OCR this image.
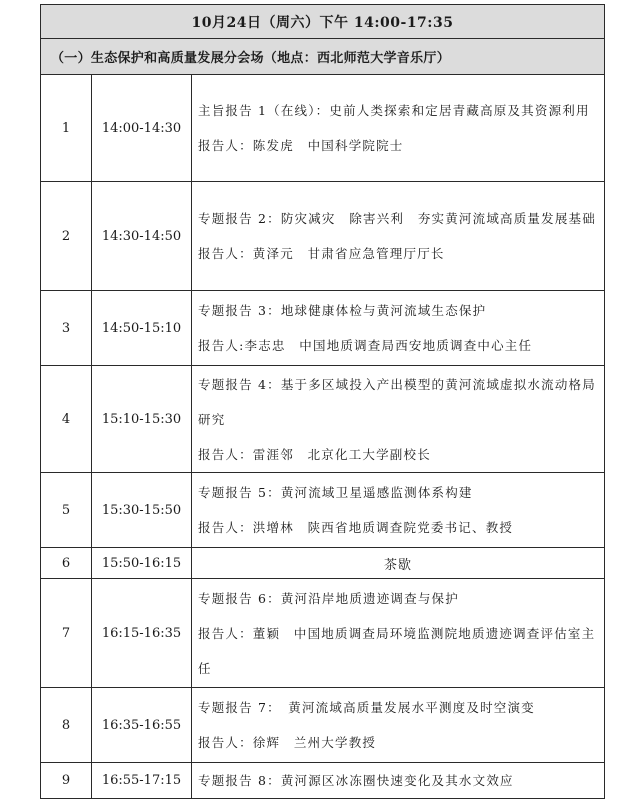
10月24日（周六）下午 14:00-17:35		
（一）生态保护和高质量发展分会场（地点：西北师范大学音乐厅）		
1	14:00-14:30	主旨报告 1（在线）：史前人类探索和定居青藏高原及其资源利用
报告人：陈发虎　中国科学院院士

2	14:30-14:50	专题报告 2：防灾减灾　除害兴利　夯实黄河流域高质量发展基础
报告人：黄泽元　甘肃省应急管理厅厅长

3	14:50-15:10	专题报告 3：地球健康体检与黄河流域生态保护
报告人:李志忠　中国地质调查局西安地质调查中心主任

4	15:10-15:30	专题报告 4：基于多区域投入产出模型的黄河流域虚拟水流动格局研究
报告人：雷涯邻　北京化工大学副校长

5	15:30-15:50	专题报告 5：黄河流域卫星遥感监测体系构建
报告人：洪增林　陕西省地质调查院党委书记、教授

6	15:50-16:15	茶歇
7	16:15-16:35	专题报告 6：黄河沿岸地质遗迹调查与保护
报告人：董颖　中国地质调查局环境监测院地质遗迹调查评估室主任

8	16:35-16:55	专题报告 7：　黄河流域高质量发展水平测度及时空演变
报告人：徐辉　兰州大学教授

9	16:55-17:15	专题报告 8：黄河源区冰冻圈快速变化及其水文效应
